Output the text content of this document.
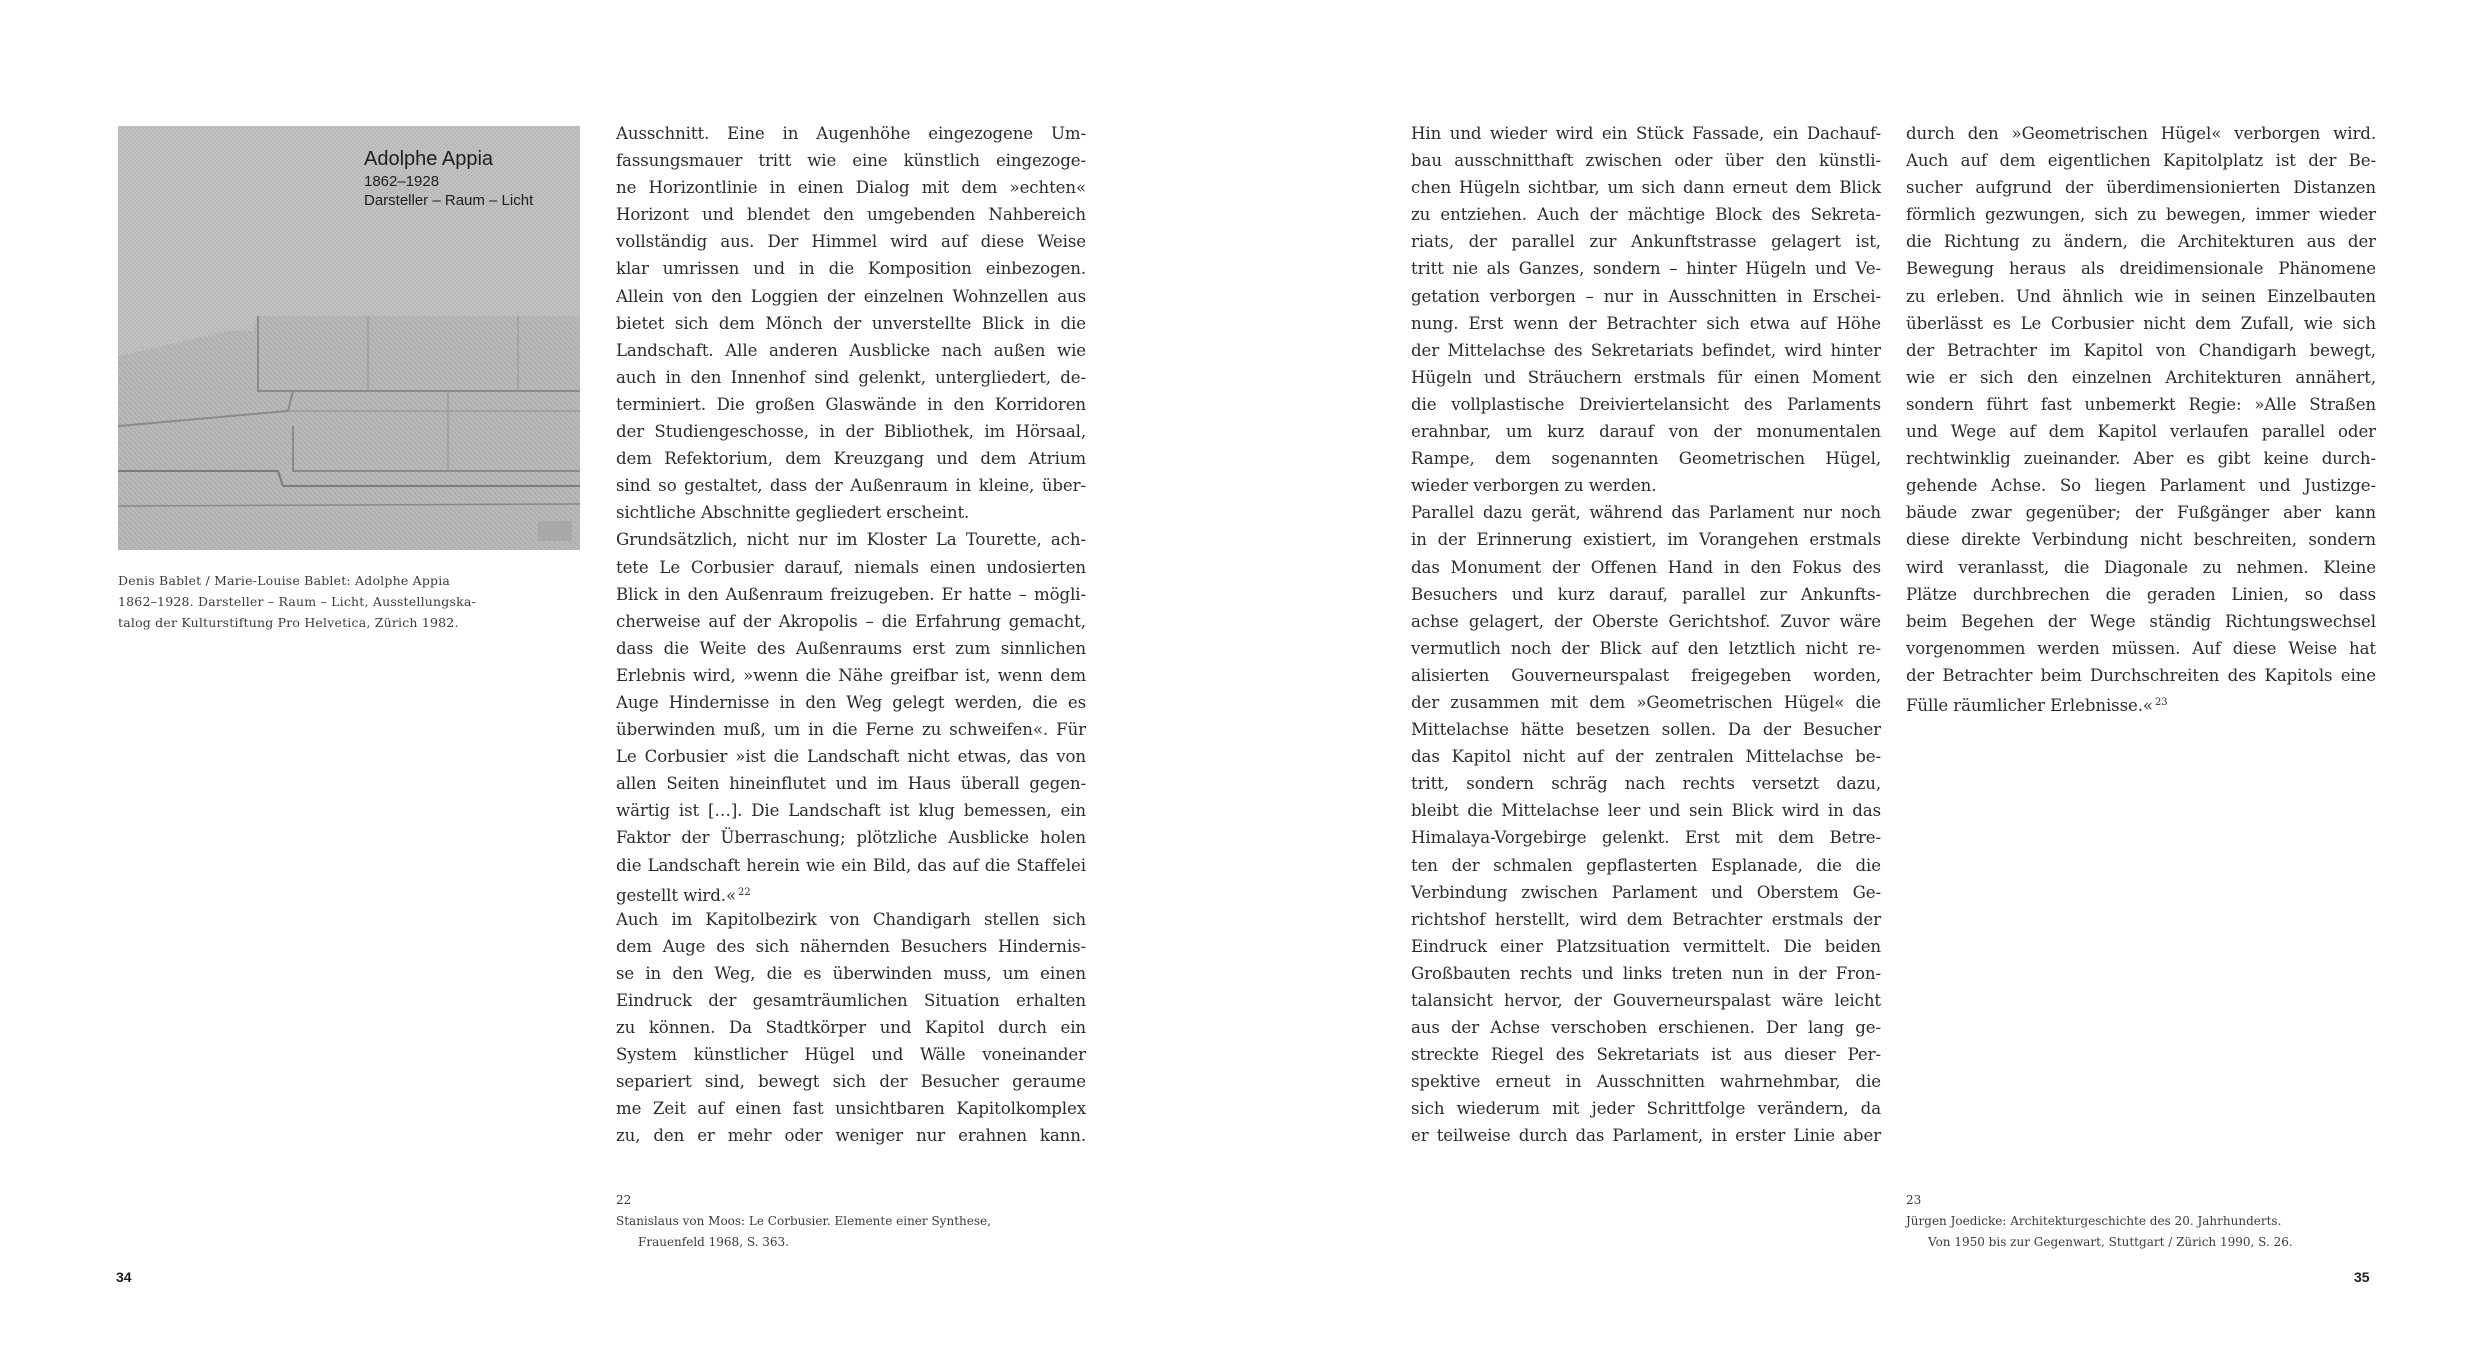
Adolphe Appia
1862–1928
Darsteller – Raum – Licht
Denis Bablet / Marie-Louise Bablet: Adolphe Appia
1862–1928. Darsteller – Raum – Licht, Ausstellungska-
talog der Kulturstiftung Pro Helvetica, Zürich 1982.
Ausschnitt. Eine in Augenhöhe eingezogene Um-
fassungsmauer tritt wie eine künstlich eingezoge-
ne Horizontlinie in einen Dialog mit dem »echten«
Horizont und blendet den umgebenden Nahbereich
vollständig aus. Der Himmel wird auf diese Weise
klar umrissen und in die Komposition einbezogen.
Allein von den Loggien der einzelnen Wohnzellen aus
bietet sich dem Mönch der unverstellte Blick in die
Landschaft. Alle anderen Ausblicke nach außen wie
auch in den Innenhof sind gelenkt, untergliedert, de-
terminiert. Die großen Glaswände in den Korridoren
der Studiengeschosse, in der Bibliothek, im Hörsaal,
dem Refektorium, dem Kreuzgang und dem Atrium
sind so gestaltet, dass der Außenraum in kleine, über-
sichtliche Abschnitte gegliedert erscheint.
Grundsätzlich, nicht nur im Kloster La Tourette, ach-
tete Le Corbusier darauf, niemals einen undosierten
Blick in den Außenraum freizugeben. Er hatte – mögli-
cherweise auf der Akropolis – die Erfahrung gemacht,
dass die Weite des Außenraums erst zum sinnlichen
Erlebnis wird, »wenn die Nähe greifbar ist, wenn dem
Auge Hindernisse in den Weg gelegt werden, die es
überwinden muß, um in die Ferne zu schweifen«. Für
Le Corbusier »ist die Landschaft nicht etwas, das von
allen Seiten hineinflutet und im Haus überall gegen-
wärtig ist […]. Die Landschaft ist klug bemessen, ein
Faktor der Überraschung; plötzliche Ausblicke holen
die Landschaft herein wie ein Bild, das auf die Staffelei
gestellt wird.« $^{22}$
Auch im Kapitolbezirk von Chandigarh stellen sich
dem Auge des sich nähernden Besuchers Hindernis-
se in den Weg, die es überwinden muss, um einen
Eindruck der gesamträumlichen Situation erhalten
zu können. Da Stadtkörper und Kapitol durch ein
System künstlicher Hügel und Wälle voneinander
separiert sind, bewegt sich der Besucher geraume
me Zeit auf einen fast unsichtbaren Kapitolkomplex
zu, den er mehr oder weniger nur erahnen kann.
Hin und wieder wird ein Stück Fassade, ein Dachauf-
bau ausschnitthaft zwischen oder über den künstli-
chen Hügeln sichtbar, um sich dann erneut dem Blick
zu entziehen. Auch der mächtige Block des Sekreta-
riats, der parallel zur Ankunftstrasse gelagert ist,
tritt nie als Ganzes, sondern – hinter Hügeln und Ve-
getation verborgen – nur in Ausschnitten in Erschei-
nung. Erst wenn der Betrachter sich etwa auf Höhe
der Mittelachse des Sekretariats befindet, wird hinter
Hügeln und Sträuchern erstmals für einen Moment
die vollplastische Dreiviertelansicht des Parlaments
erahnbar, um kurz darauf von der monumentalen
Rampe, dem sogenannten Geometrischen Hügel,
wieder verborgen zu werden.
Parallel dazu gerät, während das Parlament nur noch
in der Erinnerung existiert, im Vorangehen erstmals
das Monument der Offenen Hand in den Fokus des
Besuchers und kurz darauf, parallel zur Ankunfts-
achse gelagert, der Oberste Gerichtshof. Zuvor wäre
vermutlich noch der Blick auf den letztlich nicht re-
alisierten Gouverneurspalast freigegeben worden,
der zusammen mit dem »Geometrischen Hügel« die
Mittelachse hätte besetzen sollen. Da der Besucher
das Kapitol nicht auf der zentralen Mittelachse be-
tritt, sondern schräg nach rechts versetzt dazu,
bleibt die Mittelachse leer und sein Blick wird in das
Himalaya-Vorgebirge gelenkt. Erst mit dem Betre-
ten der schmalen gepflasterten Esplanade, die die
Verbindung zwischen Parlament und Oberstem Ge-
richtshof herstellt, wird dem Betrachter erstmals der
Eindruck einer Platzsituation vermittelt. Die beiden
Großbauten rechts und links treten nun in der Fron-
talansicht hervor, der Gouverneurspalast wäre leicht
aus der Achse verschoben erschienen. Der lang ge-
streckte Riegel des Sekretariats ist aus dieser Per-
spektive erneut in Ausschnitten wahrnehmbar, die
sich wiederum mit jeder Schrittfolge verändern, da
er teilweise durch das Parlament, in erster Linie aber
durch den »Geometrischen Hügel« verborgen wird.
Auch auf dem eigentlichen Kapitolplatz ist der Be-
sucher aufgrund der überdimensionierten Distanzen
förmlich gezwungen, sich zu bewegen, immer wieder
die Richtung zu ändern, die Architekturen aus der
Bewegung heraus als dreidimensionale Phänomene
zu erleben. Und ähnlich wie in seinen Einzelbauten
überlässt es Le Corbusier nicht dem Zufall, wie sich
der Betrachter im Kapitol von Chandigarh bewegt,
wie er sich den einzelnen Architekturen annähert,
sondern führt fast unbemerkt Regie: »Alle Straßen
und Wege auf dem Kapitol verlaufen parallel oder
rechtwinklig zueinander. Aber es gibt keine durch-
gehende Achse. So liegen Parlament und Justizge-
bäude zwar gegenüber; der Fußgänger aber kann
diese direkte Verbindung nicht beschreiten, sondern
wird veranlasst, die Diagonale zu nehmen. Kleine
Plätze durchbrechen die geraden Linien, so dass
beim Begehen der Wege ständig Richtungswechsel
vorgenommen werden müssen. Auf diese Weise hat
der Betrachter beim Durchschreiten des Kapitols eine
Fülle räumlicher Erlebnisse.« $^{23}$
22
Stanislaus von Moos: Le Corbusier. Elemente einer Synthese,
Frauenfeld 1968, S. 363.
23
Jürgen Joedicke: Architekturgeschichte des 20. Jahrhunderts.
Von 1950 bis zur Gegenwart, Stuttgart / Zürich 1990, S. 26.
34	35
